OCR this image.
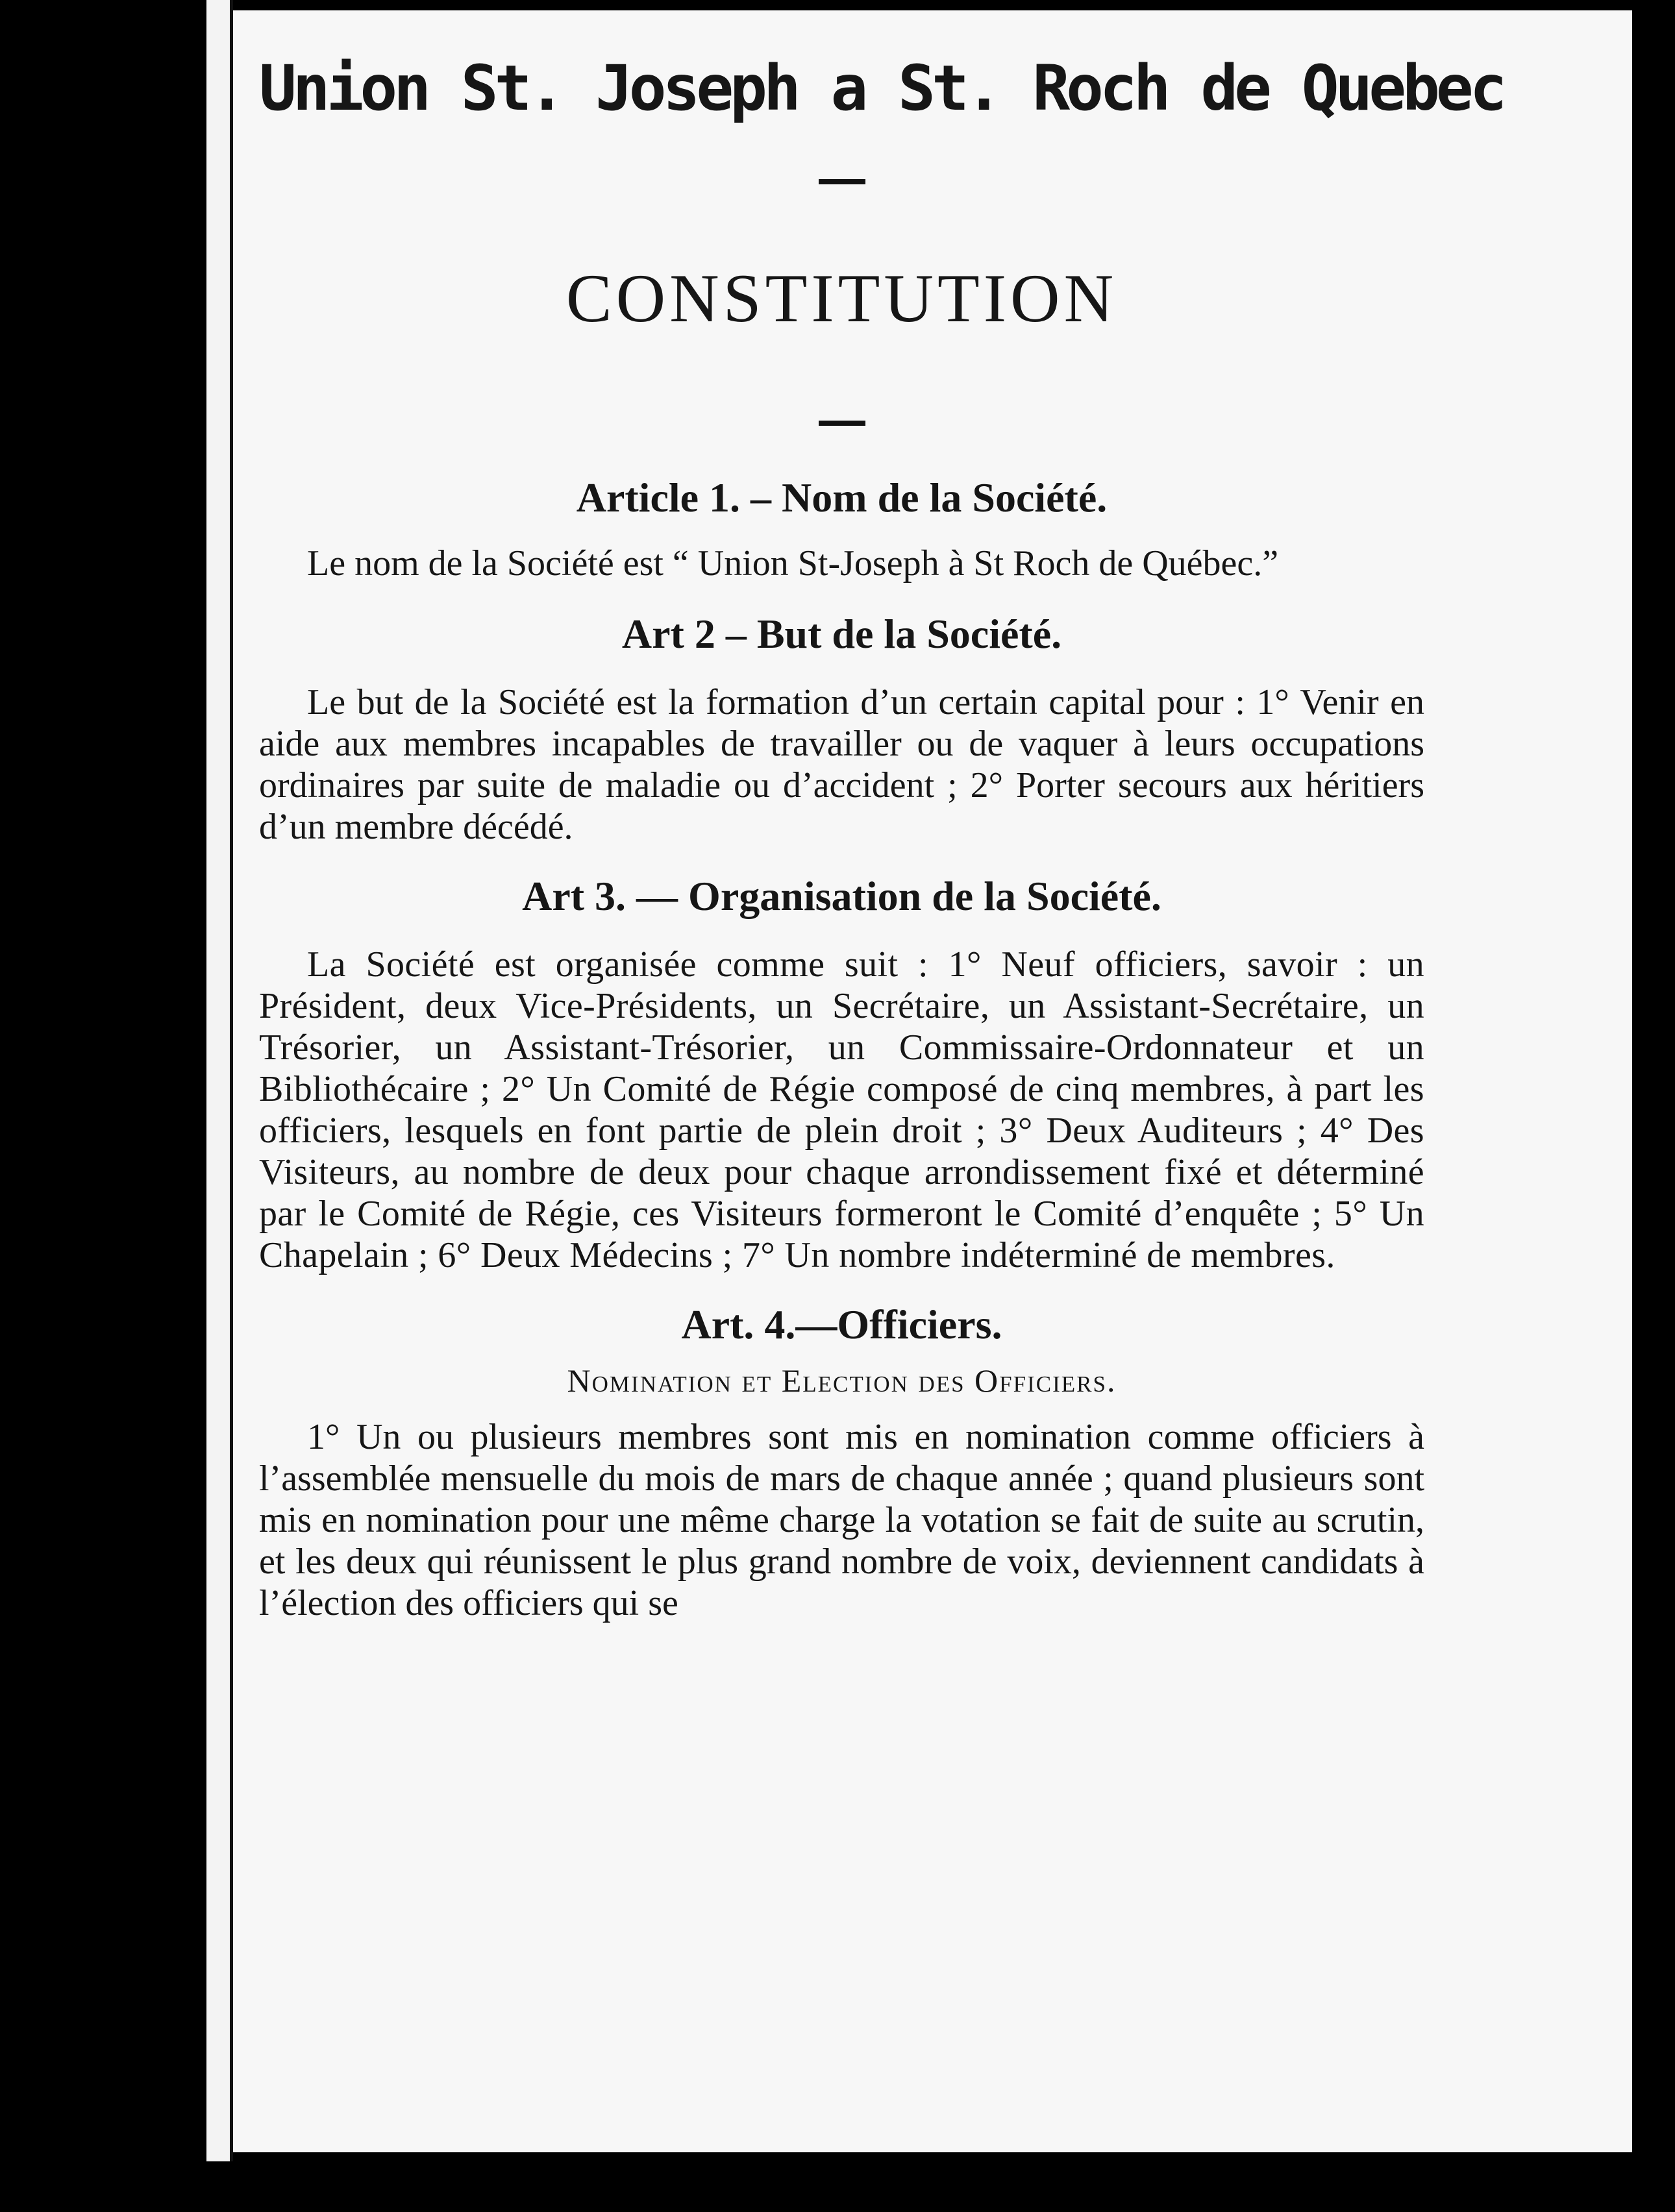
Union St. Joseph a St. Roch de Quebec
CONSTITUTION
Article 1. – Nom de la Société.

Le nom de la Société est “ Union St-Joseph à St Roch de Québec.”

Art 2 – But de la Société.

Le but de la Société est la formation d’un certain capital pour : 1° Venir en aide aux membres incapables de travailler ou de vaquer à leurs occupations ordinaires par suite de maladie ou d’accident ; 2° Porter secours aux héritiers d’un membre décédé.

Art 3. — Organisation de la Société.

La Société est organisée comme suit : 1° Neuf officiers, savoir : un Président, deux Vice-Présidents, un Secrétaire, un Assistant-Secrétaire, un Trésorier, un Assistant-Trésorier, un Commissaire-Ordonnateur et un Bibliothécaire ; 2° Un Comité de Régie composé de cinq membres, à part les officiers, lesquels en font partie de plein droit ; 3° Deux Auditeurs ; 4° Des Visiteurs, au nombre de deux pour chaque arrondissement fixé et déterminé par le Comité de Régie, ces Visiteurs formeront le Comité d’enquête ; 5° Un Chapelain ; 6° Deux Médecins ; 7° Un nombre indéterminé de membres.

Art. 4.—Officiers.
Nomination et Election des Officiers.

1° Un ou plusieurs membres sont mis en nomination comme officiers à l’assemblée mensuelle du mois de mars de chaque année ; quand plusieurs sont mis en nomination pour une même charge la votation se fait de suite au scrutin, et les deux qui réunissent le plus grand nombre de voix, deviennent candidats à l’élection des officiers qui se
